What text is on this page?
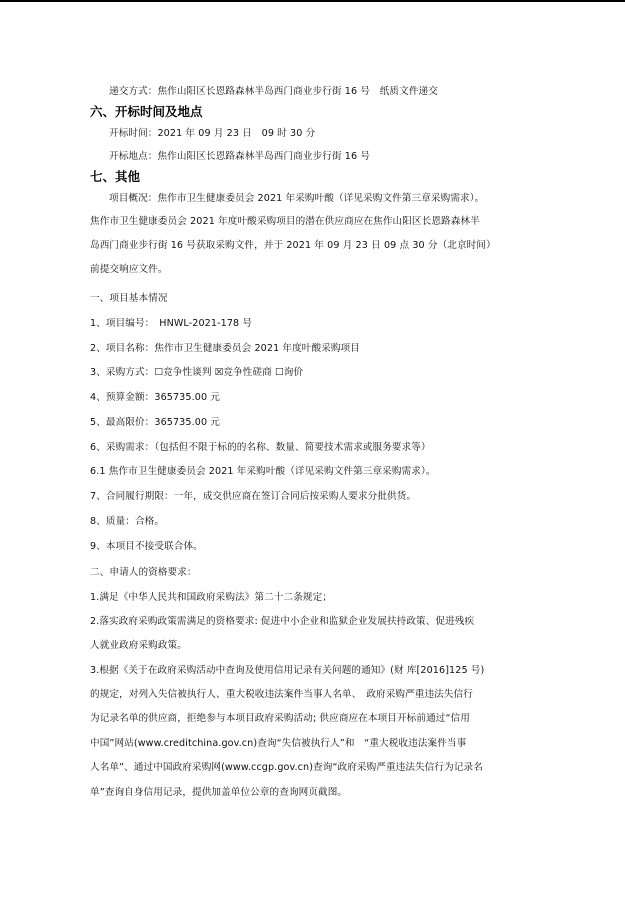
递交方式：焦作山阳区长恩路森林半岛西门商业步行街 16 号　纸质文件递交
六、开标时间及地点
开标时间：2021 年 09 月 23 日　09 时 30 分
开标地点：焦作山阳区长恩路森林半岛西门商业步行街 16 号
七、其他
项目概况：焦作市卫生健康委员会 2021 年采购叶酸（详见采购文件第三章采购需求）。
焦作市卫生健康委员会 2021 年度叶酸采购项目的潜在供应商应在焦作山阳区长恩路森林半
岛西门商业步行街 16 号获取采购文件，并于 2021 年 09 月 23 日 09 点 30 分（北京时间）
前提交响应文件。
一、项目基本情况
1、项目编号：　HNWL-2021-178 号
2、项目名称：焦作市卫生健康委员会 2021 年度叶酸采购项目
3、采购方式：☐竞争性谈判 ☒竞争性磋商 ☐询价
4、预算金额：365735.00 元
5、最高限价：365735.00 元
6、采购需求：（包括但不限于标的的名称、数量、简要技术需求或服务要求等）
6.1 焦作市卫生健康委员会 2021 年采购叶酸（详见采购文件第三章采购需求）。
7、合同履行期限：一年，成交供应商在签订合同后按采购人要求分批供货。
8、质量：合格。
9、本项目不接受联合体。
二、申请人的资格要求：
1.满足《中华人民共和国政府采购法》第二十二条规定；
2.落实政府采购政策需满足的资格要求: 促进中小企业和监狱企业发展扶持政策、促进残疾
人就业政府采购政策。
3.根据《关于在政府采购活动中查询及使用信用记录有关问题的通知》(财 库[2016]125 号)
的规定，对列入失信被执行人、重大税收违法案件当事人名单、　政府采购严重违法失信行
为记录名单的供应商，拒绝参与本项目政府采购活动; 供应商应在本项目开标前通过“信用
中国”网站(www.creditchina.gov.cn)查询“失信被执行人”和　“重大税收违法案件当事
人名单”、通过中国政府采购网(www.ccgp.gov.cn)查询“政府采购严重违法失信行为记录名
单”查询自身信用记录，提供加盖单位公章的查询网页截图。
